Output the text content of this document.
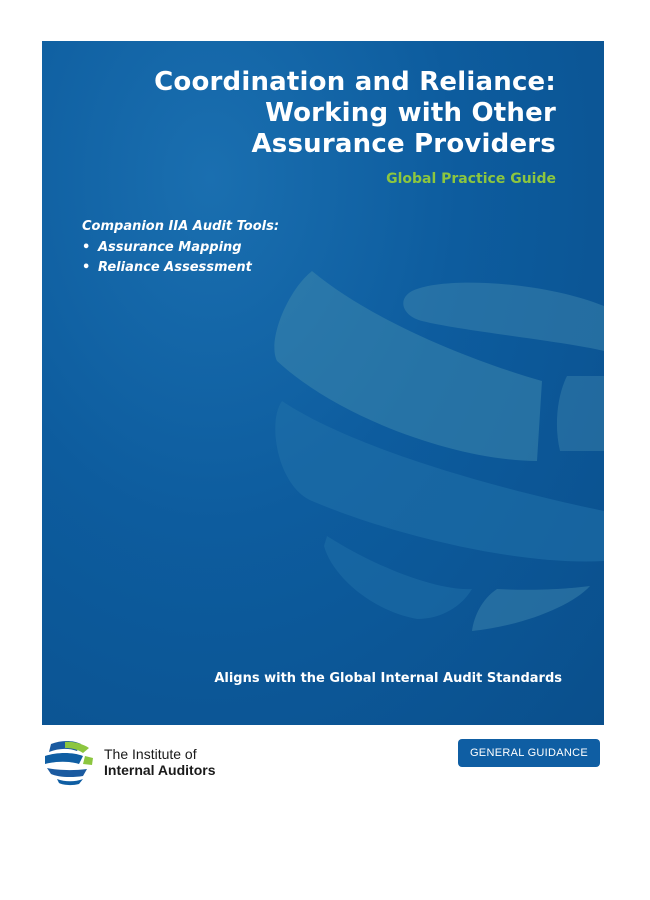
Coordination and Reliance:
Working with Other
Assurance Providers

Global Practice Guide

Companion IIA Audit Tools:

• Assurance Mapping
• Reliance Assessment

Aligns with the Global Internal Audit Standards

The Institute of
Internal Auditors
GENERAL GUIDANCE
